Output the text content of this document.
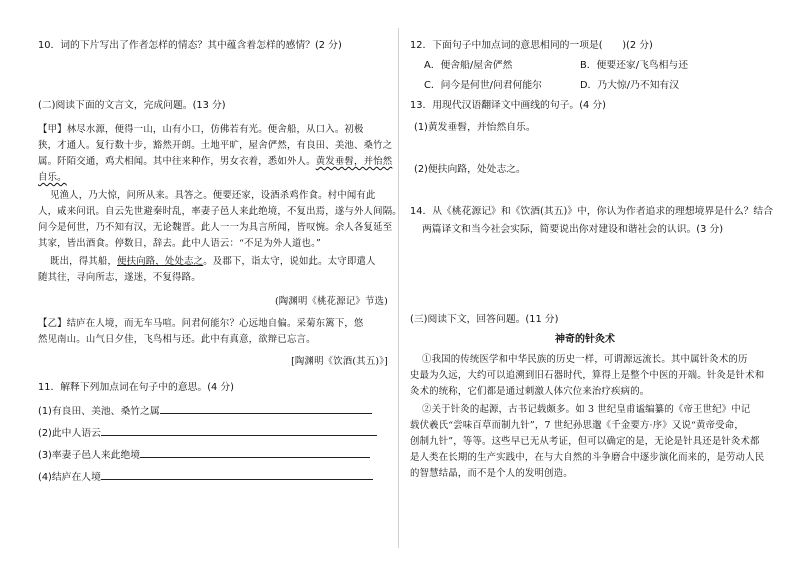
10．词的下片写出了作者怎样的情态？其中蕴含着怎样的感情？(2 分)
(二)阅读下面的文言文，完成问题。(13 分)
【甲】林尽水源，便得一山，山有小口，仿佛若有光。便舍船，从口入。初极
狭，才通人。复行数十步，豁然开朗。土地平旷，屋舍俨然，有良田、美池、桑竹之
属。阡陌交通，鸡犬相闻。其中往来种作，男女衣着，悉如外人。黄发垂髫，并怡然
自乐。
见渔人，乃大惊，问所从来。具答之。便要还家，设酒杀鸡作食。村中闻有此
人，咸来问讯。自云先世避秦时乱，率妻子邑人来此绝境，不复出焉，遂与外人间隔。
问今是何世，乃不知有汉，无论魏晋。此人一一为具言所闻，皆叹惋。余人各复延至
其家，皆出酒食。停数日，辞去。此中人语云：“不足为外人道也。”
既出，得其船，便扶向路，处处志之。及郡下，诣太守，说如此。太守即遣人
随其往，寻向所志，遂迷，不复得路。
(陶渊明《桃花源记》节选)
【乙】结庐在人境，而无车马喧。问君何能尔？心远地自偏。采菊东篱下，悠
然见南山。山气日夕佳，飞鸟相与还。此中有真意，欲辩已忘言。
[陶渊明《饮酒(其五)》]
11．解释下列加点词在句子中的意思。(4 分)
(1)有良田、美池、桑竹之属
(2)此中人语云
(3)率妻子邑人来此绝境
(4)结庐在人境
12．下面句子中加点词的意思相同的一项是(　　)(2 分)
A．便舍船/屋舍俨然	B．便要还家/飞鸟相与还
C．问今是何世/问君何能尔	D．乃大惊/乃不知有汉
13．用现代汉语翻译文中画线的句子。(4 分)
(1)黄发垂髫，并怡然自乐。
(2)便扶向路，处处志之。
14．从《桃花源记》和《饮酒(其五)》中，你认为作者追求的理想境界是什么？结合
两篇译文和当今社会实际，简要说出你对建设和谐社会的认识。(3 分)
(三)阅读下文，回答问题。(11 分)
神奇的针灸术
①我国的传统医学和中华民族的历史一样，可谓源远流长。其中属针灸术的历
史最为久远，大约可以追溯到旧石器时代，算得上是整个中医的开端。针灸是针术和
灸术的统称，它们都是通过刺激人体穴位来治疗疾病的。
②关于针灸的起源，古书记载颇多。如 3 世纪皇甫谧编纂的《帝王世纪》中记
载伏羲氏“尝味百草而制九针”，7 世纪孙思邈《千金要方·序》又说“黄帝受命，
创制九针”，等等。这些早已无从考证，但可以确定的是，无论是针具还是针灸术都
是人类在长期的生产实践中，在与大自然的斗争磨合中逐步演化而来的，是劳动人民
的智慧结晶，而不是个人的发明创造。
